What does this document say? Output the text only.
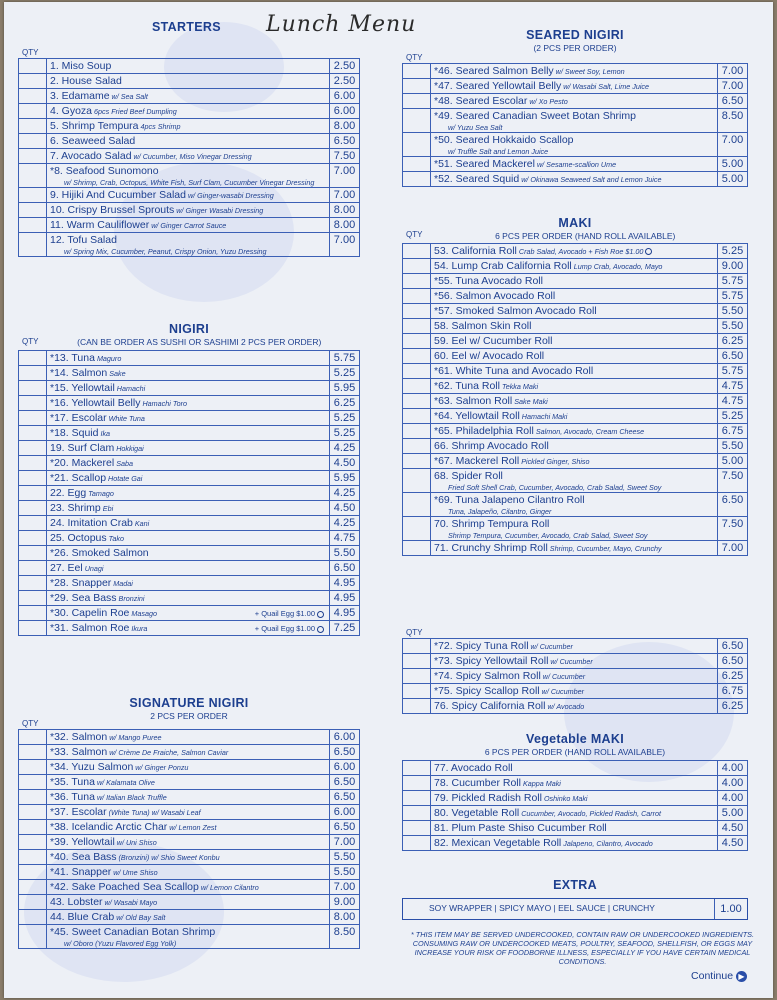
Lunch Menu
STARTERS
QTY
	1. Miso Soup	2.50
	2. House Salad	2.50
	3. Edamame w/ Sea Salt	6.00
	4. Gyoza 6pcs Fried Beef Dumpling	6.00
	5. Shrimp Tempura 4pcs Shrimp	8.00
	6. Seaweed Salad	6.50
	7. Avocado Salad w/ Cucumber, Miso Vinegar Dressing	7.50
	*8. Seafood Sunomono
w/ Shrimp, Crab, Octopus, White Fish, Surf Clam, Cucumber Vinegar Dressing	7.00
	9. Hijiki And Cucumber Salad w/ Ginger-wasabi Dressing	7.00
	10. Crispy Brussel Sprouts w/ Ginger Wasabi Dressing	8.00
	11. Warm Cauliflower w/ Ginger Carrot Sauce	8.00
	12. Tofu Salad
w/ Spring Mix, Cucumber, Peanut, Crispy Onion, Yuzu Dressing	7.00
NIGIRI
QTY	(CAN BE ORDER AS SUSHI OR SASHIMI 2 PCS PER ORDER)
	*13. Tuna Maguro	5.75
	*14. Salmon Sake	5.25
	*15. Yellowtail Hamachi	5.95
	*16. Yellowtail Belly Hamachi Toro	6.25
	*17. Escolar White Tuna	5.25
	*18. Squid Ika	5.25
	19. Surf Clam Hokkigai	4.25
	*20. Mackerel Saba	4.50
	*21. Scallop Hotate Gai	5.95
	22. Egg Tamago	4.25
	23. Shrimp Ebi	4.50
	24. Imitation Crab Kani	4.25
	25. Octopus Tako	4.75
	*26. Smoked Salmon	5.50
	27. Eel Unagi	6.50
	*28. Snapper Madai	4.95
	*29. Sea Bass Bronzini	4.95
	*30. Capelin Roe Masago + Quail Egg $1.00	4.95
	*31. Salmon Roe Ikura + Quail Egg $1.00	7.25
SIGNATURE NIGIRI
2 PCS PER ORDER
QTY
	*32. Salmon w/ Mango Puree	6.00
	*33. Salmon w/ Crème De Fraiche, Salmon Caviar	6.50
	*34. Yuzu Salmon w/ Ginger Ponzu	6.00
	*35. Tuna w/ Kalamata Olive	6.50
	*36. Tuna w/ Italian Black Truffle	6.50
	*37. Escolar (White Tuna) w/ Wasabi Leaf	6.00
	*38. Icelandic Arctic Char w/ Lemon Zest	6.50
	*39. Yellowtail w/ Uni Shiso	7.00
	*40. Sea Bass (Bronzini) w/ Shio Sweet Konbu	5.50
	*41. Snapper w/ Ume Shiso	5.50
	*42. Sake Poached Sea Scallop w/ Lemon Cilantro	7.00
	43. Lobster w/ Wasabi Mayo	9.00
	44. Blue Crab w/ Old Bay Salt	8.00
	*45. Sweet Canadian Botan Shrimp
w/ Oboro (Yuzu Flavored Egg Yolk)	8.50
SEARED NIGIRI
(2 PCS PER ORDER)
QTY
	*46. Seared Salmon Belly w/ Sweet Soy, Lemon	7.00
	*47. Seared Yellowtail Belly w/ Wasabi Salt, Lime Juice	7.00
	*48. Seared Escolar w/ Xo Pesto	6.50
	*49. Seared Canadian Sweet Botan Shrimp
w/ Yuzu Sea Salt	8.50
	*50. Seared Hokkaido Scallop
w/ Truffle Salt and Lemon Juice	7.00
	*51. Seared Mackerel w/ Sesame-scallion Ume	5.00
	*52. Seared Squid w/ Okinawa Seaweed Salt and Lemon Juice	5.00
MAKI
QTY	6 PCS PER ORDER (HAND ROLL AVAILABLE)
	53. California Roll Crab Salad, Avocado + Fish Roe $1.00	5.25
	54. Lump Crab California Roll Lump Crab, Avocado, Mayo	9.00
	*55. Tuna Avocado Roll	5.75
	*56. Salmon Avocado Roll	5.75
	*57. Smoked Salmon Avocado Roll	5.50
	58. Salmon Skin Roll	5.50
	59. Eel w/ Cucumber Roll	6.25
	60. Eel w/ Avocado Roll	6.50
	*61. White Tuna and Avocado Roll	5.75
	*62. Tuna Roll Tekka Maki	4.75
	*63. Salmon Roll Sake Maki	4.75
	*64. Yellowtail Roll Hamachi Maki	5.25
	*65. Philadelphia Roll Salmon, Avocado, Cream Cheese	6.75
	66. Shrimp Avocado Roll	5.50
	*67. Mackerel Roll Pickled Ginger, Shiso	5.00
	68. Spider Roll
Fried Soft Shell Crab, Cucumber, Avocado, Crab Salad, Sweet Soy	7.50
	*69. Tuna Jalapeno Cilantro Roll
Tuna, Jalapeño, Cilantro, Ginger	6.50
	70. Shrimp Tempura Roll
Shrimp Tempura, Cucumber, Avocado, Crab Salad, Sweet Soy	7.50
	71. Crunchy Shrimp Roll Shrimp, Cucumber, Mayo, Crunchy	7.00
QTY
	*72. Spicy Tuna Roll w/ Cucumber	6.50
	*73. Spicy Yellowtail Roll w/ Cucumber	6.50
	*74. Spicy Salmon Roll w/ Cucumber	6.25
	*75. Spicy Scallop Roll w/ Cucumber	6.75
	76. Spicy California Roll w/ Avocado	6.25
Vegetable MAKI
6 PCS PER ORDER (HAND ROLL AVAILABLE)
	77. Avocado Roll	4.00
	78. Cucumber Roll Kappa Maki	4.00
	79. Pickled Radish Roll Oshinko Maki	4.00
	80. Vegetable Roll Cucumber, Avocado, Pickled Radish, Carrot	5.00
	81. Plum Paste Shiso Cucumber Roll	4.50
	82. Mexican Vegetable Roll Jalapeno, Cilantro, Avocado	4.50
EXTRA
SOY WRAPPER | SPICY MAYO | EEL SAUCE | CRUNCHY	1.00
* THIS ITEM MAY BE SERVED UNDERCOOKED, CONTAIN RAW OR UNDERCOOKED INGREDIENTS. CONSUMING RAW OR UNDERCOOKED MEATS, POULTRY, SEAFOOD, SHELLFISH, OR EGGS MAY INCREASE YOUR RISK OF FOODBORNE ILLNESS, ESPECIALLY IF YOU HAVE CERTAIN MEDICAL CONDITIONS.
Continue ▶
